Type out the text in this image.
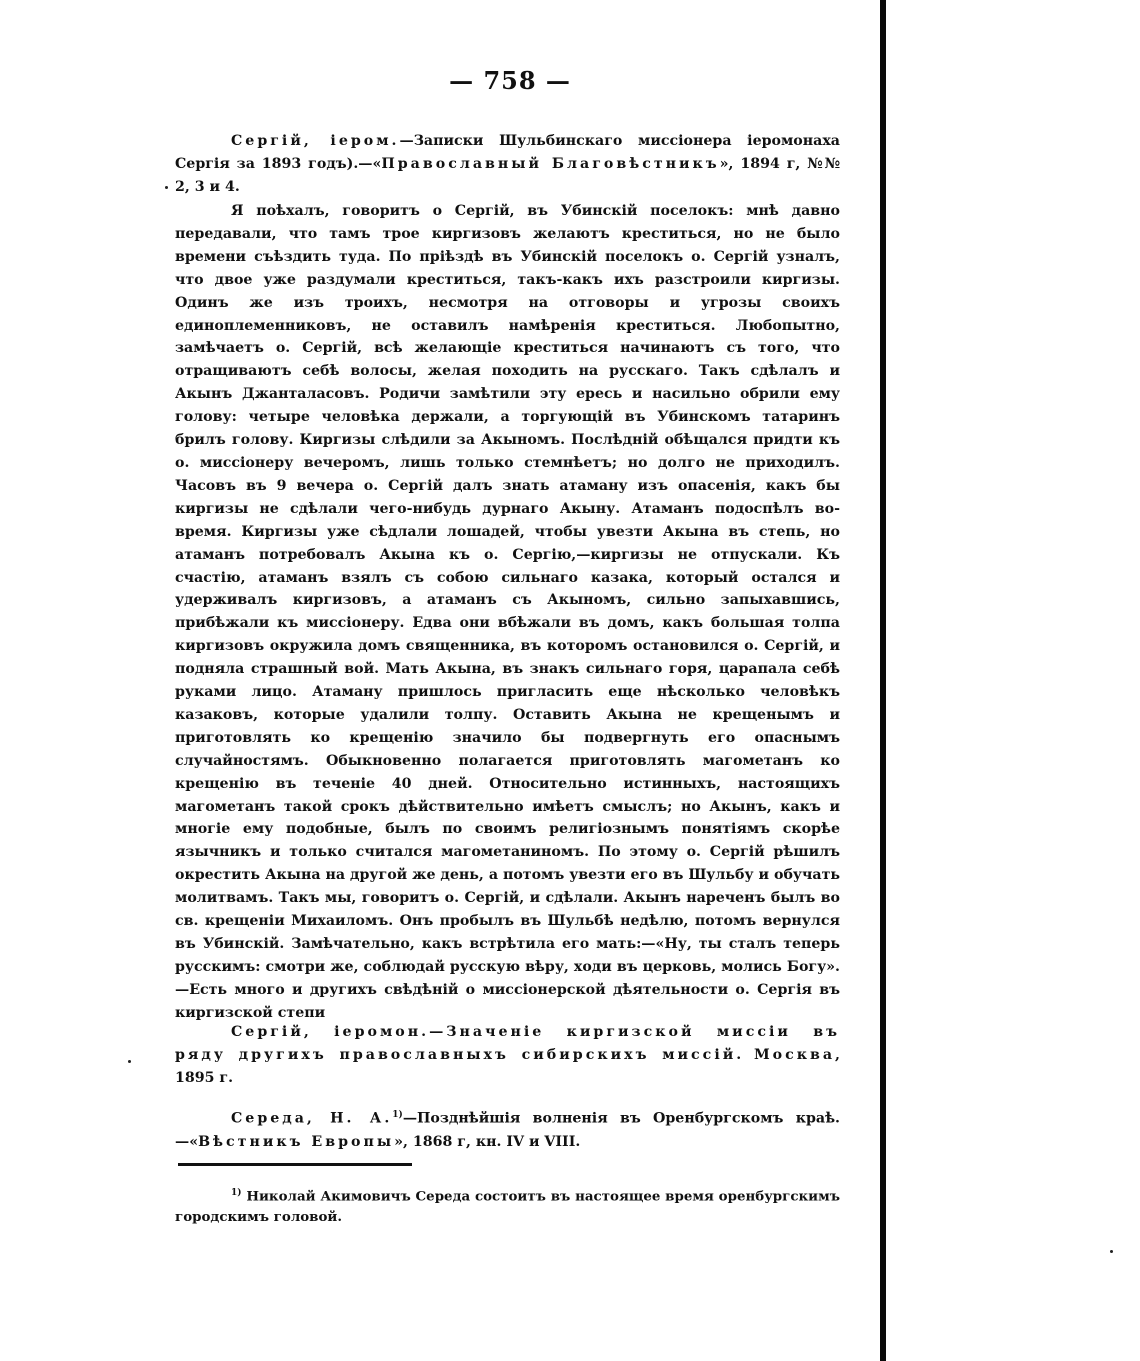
— 758 —

Сергій, іером.—Записки Шульбинскаго миссіонера іеромонаха Сергія за 1893 годъ).—«Православный Благовѣстникъ», 1894 г, №№ 2, 3 и 4.

Я поѣхалъ, говоритъ о Сергій, въ Убинскій поселокъ: мнѣ давно передавали, что тамъ трое киргизовъ желаютъ креститься, но не было времени съѣздить туда. По пріѣздѣ въ Убинскій поселокъ о. Сергій узналъ, что двое уже раздумали креститься, такъ-какъ ихъ разстроили киргизы. Одинъ же изъ троихъ, несмотря на отговоры и угрозы своихъ единоплеменниковъ, не оставилъ намѣренія креститься. Любопытно, замѣчаетъ о. Сергій, всѣ желающіе креститься начинаютъ съ того, что отращиваютъ себѣ волосы, желая походить на русскаго. Такъ сдѣлалъ и Акынъ Джанталасовъ. Родичи замѣтили эту ересь и насильно обрили ему голову: четыре человѣка держали, а торгующій въ Убинскомъ татаринъ брилъ голову. Киргизы слѣдили за Акыномъ. Послѣдній обѣщался придти къ о. миссіонеру вечеромъ, лишь только стемнѣетъ; но долго не приходилъ. Часовъ въ 9 вечера о. Сергій далъ знать атаману изъ опасенія, какъ бы киргизы не сдѣлали чего-нибудь дурнаго Акыну. Атаманъ подоспѣлъ во-время. Киргизы уже сѣдлали лошадей, чтобы увезти Акына въ степь, но атаманъ потребовалъ Акына къ о. Сергію,—киргизы не отпускали. Къ счастію, атаманъ взялъ съ собою сильнаго казака, который остался и удерживалъ киргизовъ, а атаманъ съ Акыномъ, сильно запыхавшись, прибѣжали къ миссіонеру. Едва они вбѣжали въ домъ, какъ большая толпа киргизовъ окружила домъ священника, въ которомъ остановился о. Сергій, и подняла страшный вой. Мать Акына, въ знакъ сильнаго горя, царапала себѣ руками лицо. Атаману пришлось пригласить еще нѣсколько человѣкъ казаковъ, которые удалили толпу. Оставить Акына не крещенымъ и приготовлять ко крещенію значило бы подвергнуть его опаснымъ случайностямъ. Обыкновенно полагается приготовлять магометанъ ко крещенію въ теченіе 40 дней. Относительно истинныхъ, настоящихъ магометанъ такой срокъ дѣйствительно имѣетъ смыслъ; но Акынъ, какъ и многіе ему подобные, былъ по своимъ религіознымъ понятіямъ скорѣе язычникъ и только считался магометаниномъ. По этому о. Сергій рѣшилъ окрестить Акына на другой же день, а потомъ увезти его въ Шульбу и обучать молитвамъ. Такъ мы, говоритъ о. Сергій, и сдѣлали. Акынъ нареченъ былъ во св. крещеніи Михаиломъ. Онъ пробылъ въ Шульбѣ недѣлю, потомъ вернулся въ Убинскій. Замѣчательно, какъ встрѣтила его мать:—«Ну, ты сталъ теперь русскимъ: смотри же, соблюдай русскую вѣру, ходи въ церковь, молись Богу».—Есть много и другихъ свѣдѣній о миссіонерской дѣятельности о. Сергія въ киргизской степи

Сергій, іеромон.—Значеніе киргизской миссіи въ ряду другихъ православныхъ сибирскихъ миссій. Москва, 1895 г.

Середа, Н. А.$^{1)}$—Позднѣйшія волненія въ Оренбургскомъ краѣ.—«Вѣстникъ Европы», 1868 г, кн. IV и VIII.

$^{1)}$ Николай Акимовичъ Середа состоитъ въ настоящее время оренбургскимъ городскимъ головой.
